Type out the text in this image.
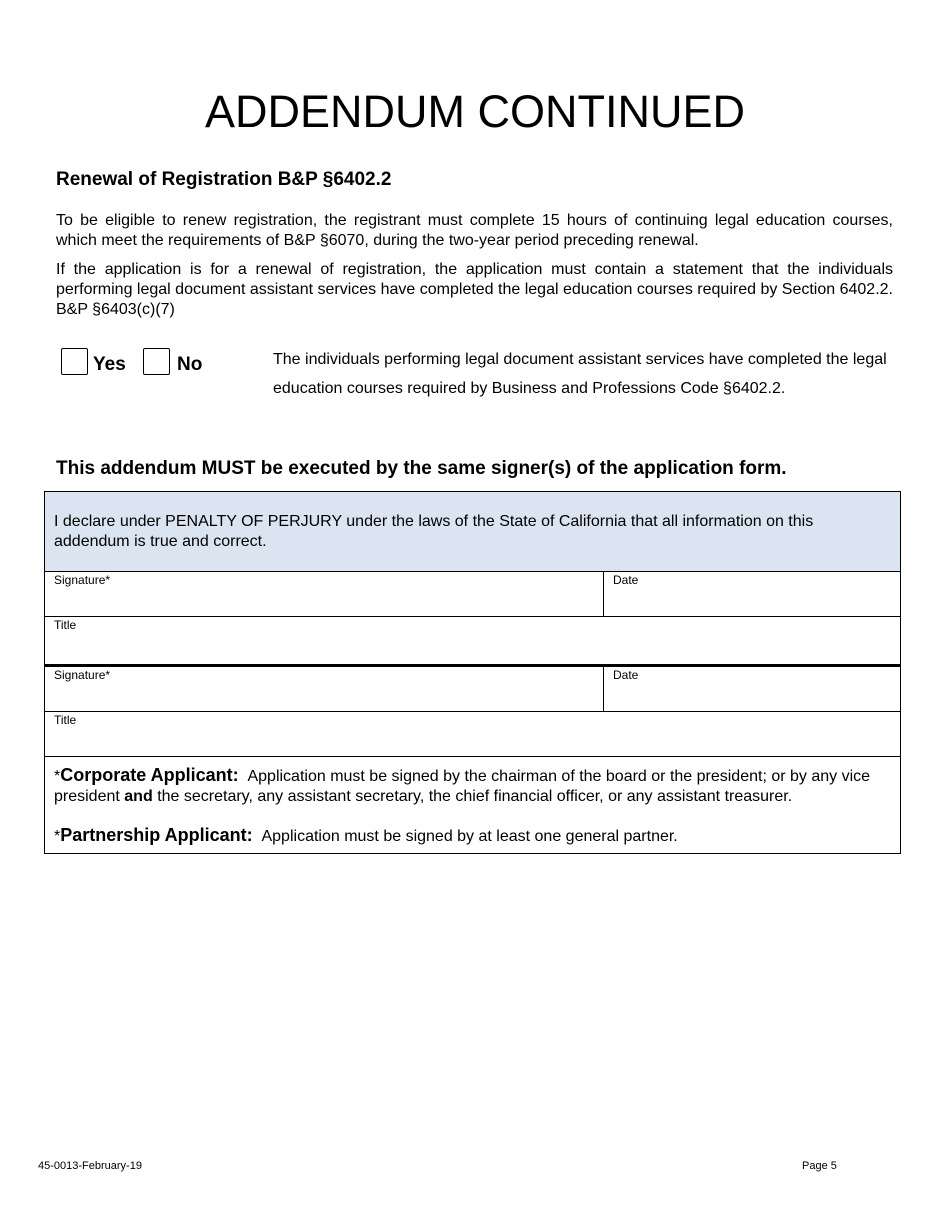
ADDENDUM CONTINUED
Renewal of Registration B&P §6402.2
To be eligible to renew registration, the registrant must complete 15 hours of continuing legal education courses, which meet the requirements of B&P §6070, during the two-year period preceding renewal.
If the application is for a renewal of registration, the application must contain a statement that the individuals performing legal document assistant services have completed the legal education courses required by Section 6402.2. B&P §6403(c)(7)
Yes	No	The individuals performing legal document assistant services have completed the legal education courses required by Business and Professions Code §6402.2.
This addendum MUST be executed by the same signer(s) of the application form.
I declare under PENALTY OF PERJURY under the laws of the State of California that all information on this addendum is true and correct.
Signature*	Date
Title
Signature*	Date
Title
*Corporate Applicant: Application must be signed by the chairman of the board or the president; or by any vice president and the secretary, any assistant secretary, the chief financial officer, or any assistant treasurer.
*Partnership Applicant: Application must be signed by at least one general partner.
45-0013-February-19	Page 5
